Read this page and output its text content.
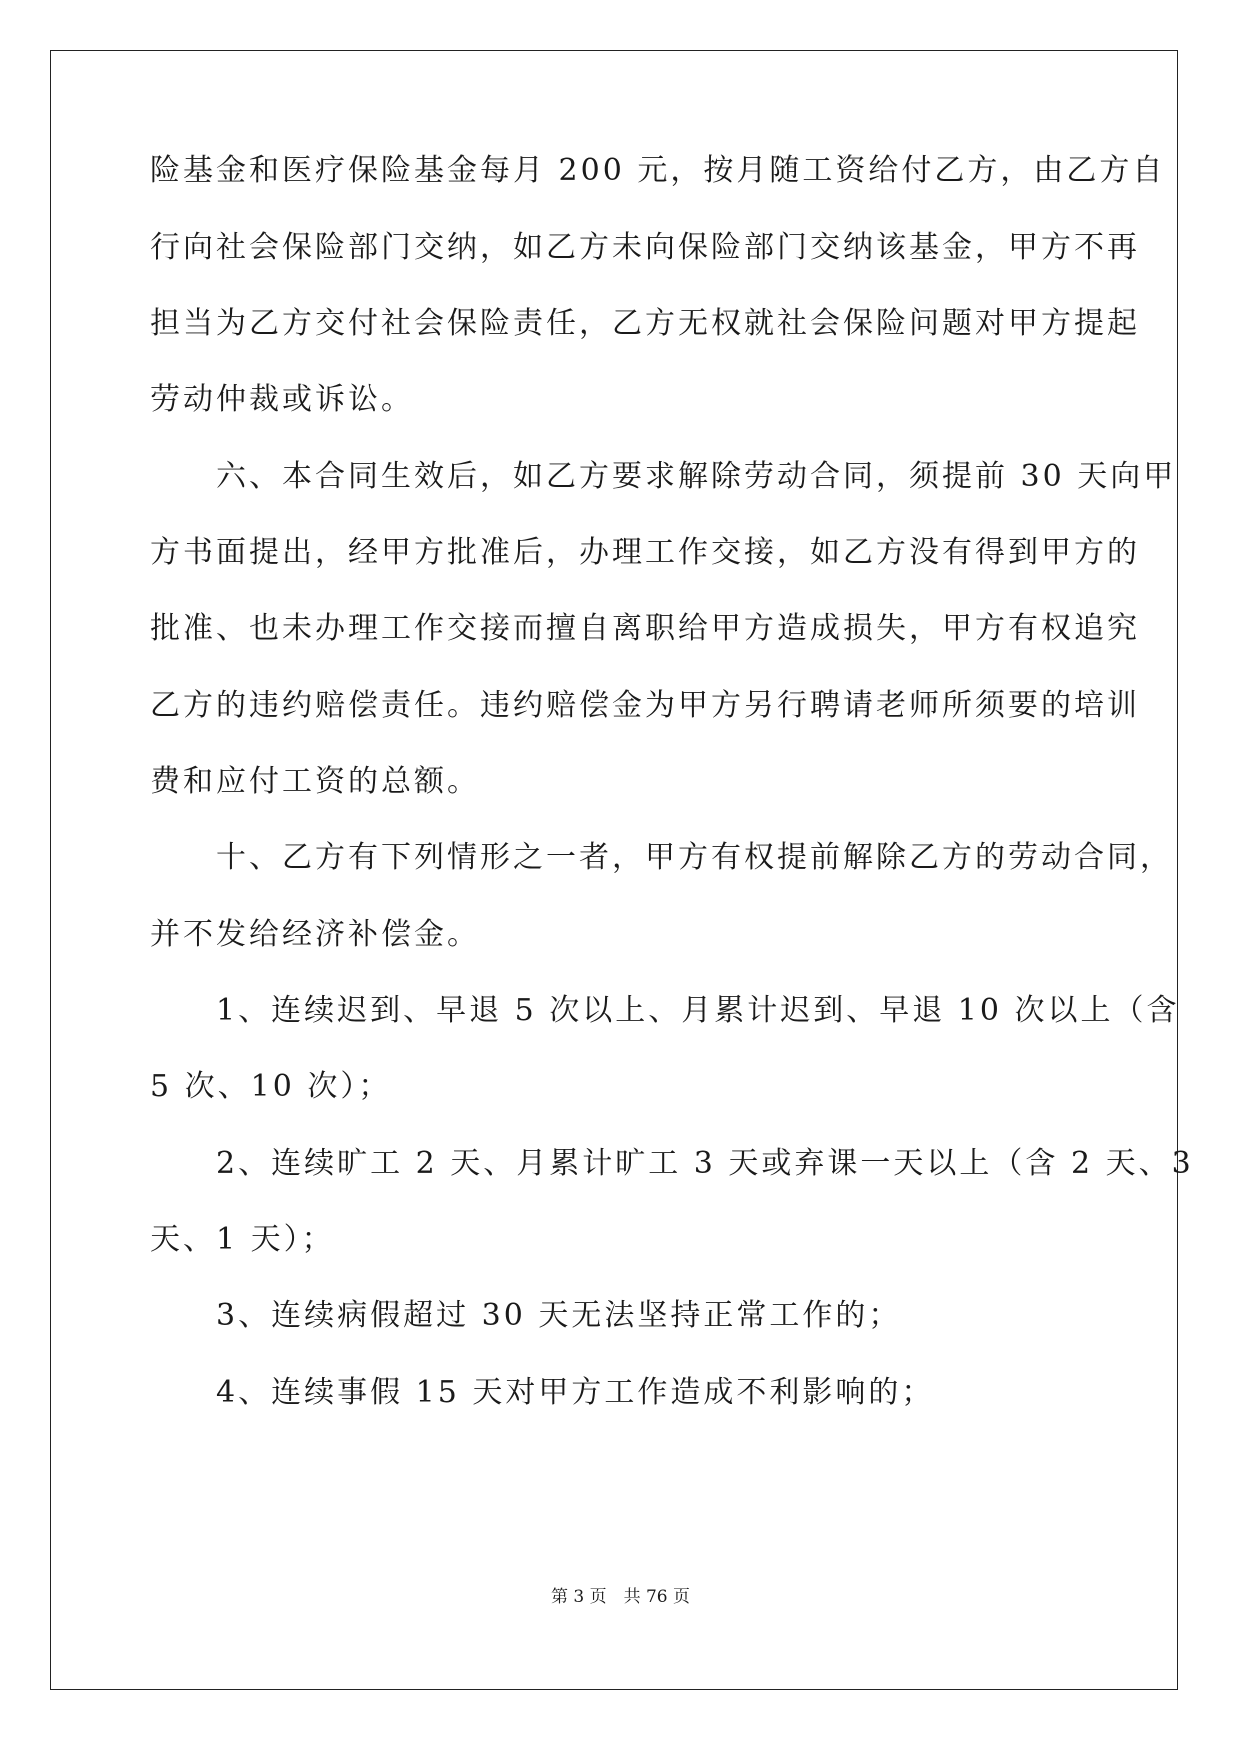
险基金和医疗保险基金每月 200 元，按月随工资给付乙方，由乙方自
行向社会保险部门交纳，如乙方未向保险部门交纳该基金，甲方不再
担当为乙方交付社会保险责任，乙方无权就社会保险问题对甲方提起
劳动仲裁或诉讼。
　　六、本合同生效后，如乙方要求解除劳动合同，须提前 30 天向甲
方书面提出，经甲方批准后，办理工作交接，如乙方没有得到甲方的
批准、也未办理工作交接而擅自离职给甲方造成损失，甲方有权追究
乙方的违约赔偿责任。违约赔偿金为甲方另行聘请老师所须要的培训
费和应付工资的总额。
　　十、乙方有下列情形之一者，甲方有权提前解除乙方的劳动合同，
并不发给经济补偿金。
　　1、连续迟到、早退 5 次以上、月累计迟到、早退 10 次以上（含
5 次、10 次）；
　　2、连续旷工 2 天、月累计旷工 3 天或弃课一天以上（含 2 天、3
天、1 天）；
　　3、连续病假超过 30 天无法坚持正常工作的；
　　4、连续事假 15 天对甲方工作造成不利影响的；
第 3 页　共 76 页
